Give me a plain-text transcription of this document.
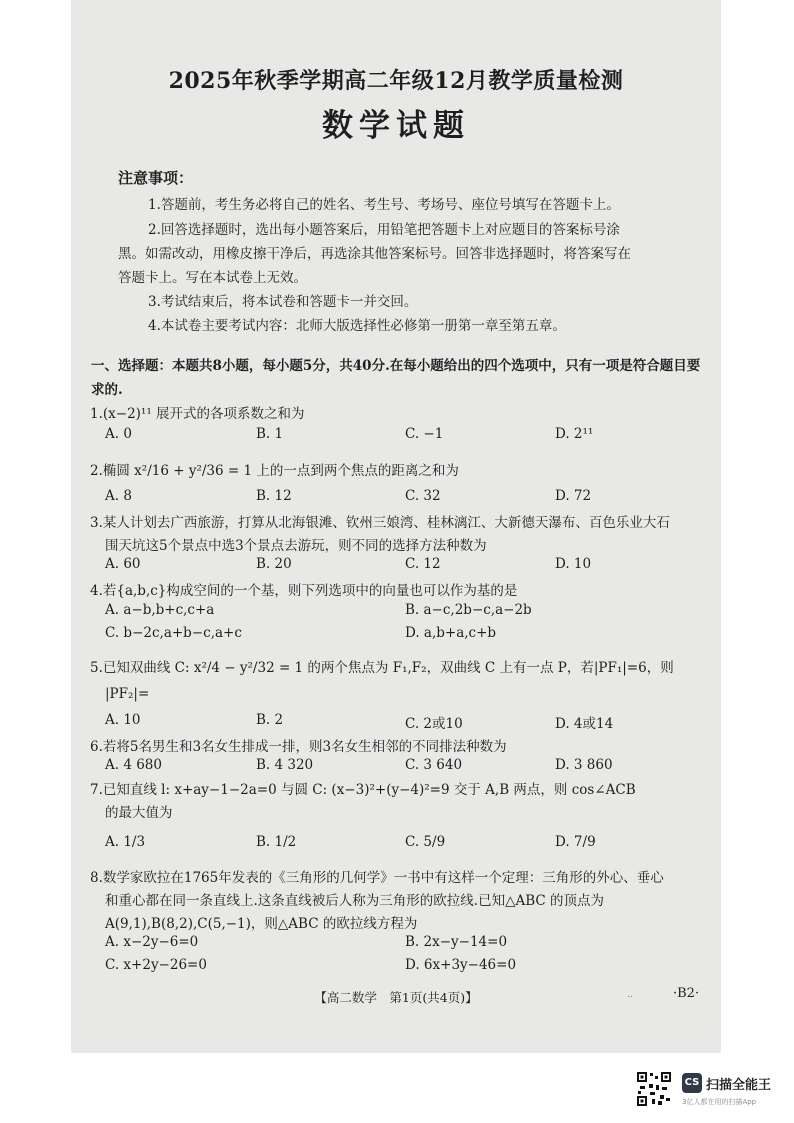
2025年秋季学期高二年级12月教学质量检测
数学试题
注意事项：
1.答题前，考生务必将自己的姓名、考生号、考场号、座位号填写在答题卡上。
2.回答选择题时，选出每小题答案后，用铅笔把答题卡上对应题目的答案标号涂
黑。如需改动，用橡皮擦干净后，再选涂其他答案标号。回答非选择题时，将答案写在
答题卡上。写在本试卷上无效。
3.考试结束后，将本试卷和答题卡一并交回。
4.本试卷主要考试内容：北师大版选择性必修第一册第一章至第五章。
一、选择题：本题共8小题，每小题5分，共40分.在每小题给出的四个选项中，只有一项是符合题目要求的.
1.(x−2)¹¹ 展开式的各项系数之和为
A. 0	B. 1	C. −1	D. 2¹¹
2.椭圆 x²/16 + y²/36 = 1 上的一点到两个焦点的距离之和为
A. 8	B. 12	C. 32	D. 72
3.某人计划去广西旅游，打算从北海银滩、钦州三娘湾、桂林漓江、大新德天瀑布、百色乐业大石
围天坑这5个景点中选3个景点去游玩，则不同的选择方法种数为
A. 60	B. 20	C. 12	D. 10
4.若{a,b,c}构成空间的一个基，则下列选项中的向量也可以作为基的是
A. a−b,b+c,c+a	B. a−c,2b−c,a−2b
C. b−2c,a+b−c,a+c	D. a,b+a,c+b
5.已知双曲线 C: x²/4 − y²/32 = 1 的两个焦点为 F₁,F₂，双曲线 C 上有一点 P，若|PF₁|=6，则
|PF₂|=
A. 10	B. 2	C. 2或10	D. 4或14
6.若将5名男生和3名女生排成一排，则3名女生相邻的不同排法种数为
A. 4 680	B. 4 320	C. 3 640	D. 3 860
7.已知直线 l: x+ay−1−2a=0 与圆 C: (x−3)²+(y−4)²=9 交于 A,B 两点，则 cos∠ACB
的最大值为
A. 1/3	B. 1/2	C. 5/9	D. 7/9
8.数学家欧拉在1765年发表的《三角形的几何学》一书中有这样一个定理：三角形的外心、垂心
和重心都在同一条直线上.这条直线被后人称为三角形的欧拉线.已知△ABC 的顶点为
A(9,1),B(8,2),C(5,−1)，则△ABC 的欧拉线方程为
A. x−2y−6=0	B. 2x−y−14=0
C. x+2y−26=0	D. 6x+3y−46=0
【高二数学　第1页(共4页)】	‥	·B2·
CS 扫描全能王
3亿人都在用的扫描App
